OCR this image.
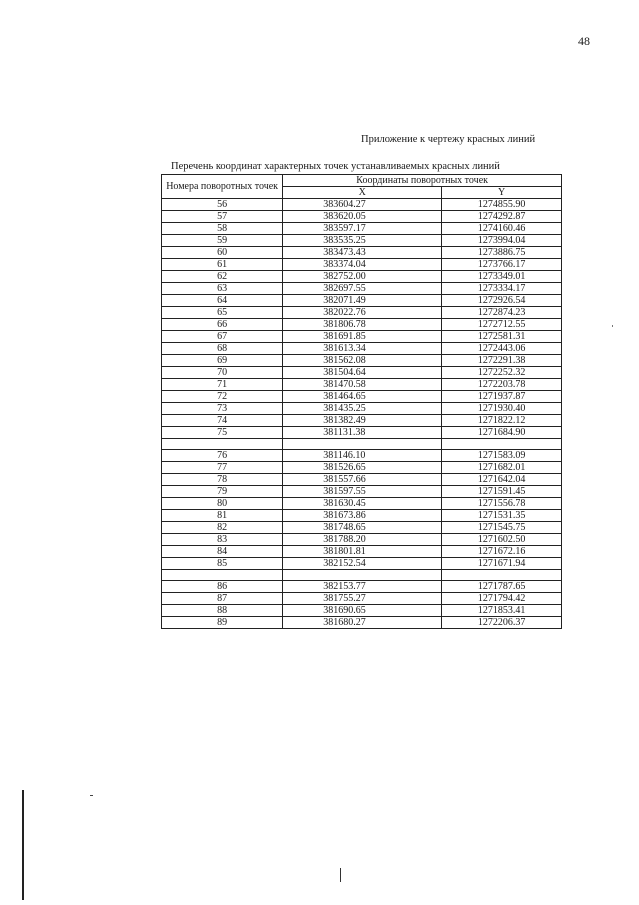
48
Приложение к чертежу красных линий
Перечень координат характерных точек устанавливаемых красных линий
Номера поворотных точек	Координаты поворотных точек	
	X	Y
56	383604.27	1274855.90
57	383620.05	1274292.87
58	383597.17	1274160.46
59	383535.25	1273994.04
60	383473.43	1273886.75
61	383374.04	1273766.17
62	382752.00	1273349.01
63	382697.55	1273334.17
64	382071.49	1272926.54
65	382022.76	1272874.23
66	381806.78	1272712.55
67	381691.85	1272581.31
68	381613.34	1272443.06
69	381562.08	1272291.38
70	381504.64	1272252.32
71	381470.58	1272203.78
72	381464.65	1271937.87
73	381435.25	1271930.40
74	381382.49	1271822.12
75	381131.38	1271684.90

76	381146.10	1271583.09
77	381526.65	1271682.01
78	381557.66	1271642.04
79	381597.55	1271591.45
80	381630.45	1271556.78
81	381673.86	1271531.35
82	381748.65	1271545.75
83	381788.20	1271602.50
84	381801.81	1271672.16
85	382152.54	1271671.94

86	382153.77	1271787.65
87	381755.27	1271794.42
88	381690.65	1271853.41
89	381680.27	1272206.37
